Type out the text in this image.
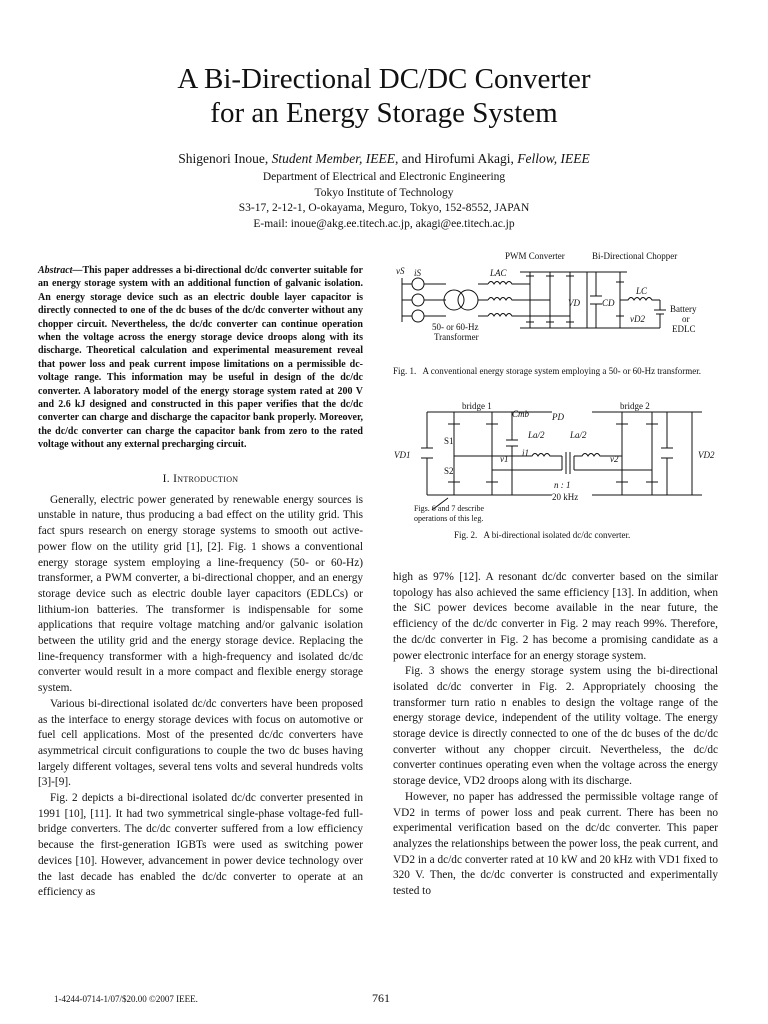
A Bi-Directional DC/DC Converter
for an Energy Storage System
Shigenori Inoue, Student Member, IEEE, and Hirofumi Akagi, Fellow, IEEE
Department of Electrical and Electronic Engineering
Tokyo Institute of Technology
S3-17, 2-12-1, O-okayama, Meguro, Tokyo, 152-8552, JAPAN
E-mail: inoue@akg.ee.titech.ac.jp, akagi@ee.titech.ac.jp

Abstract—This paper addresses a bi-directional dc/dc converter suitable for an energy storage system with an additional function of galvanic isolation. An energy storage device such as an electric double layer capacitor is directly connected to one of the dc buses of the dc/dc converter without any chopper circuit. Nevertheless, the dc/dc converter can continue operation when the voltage across the energy storage device droops along with its discharge. Theoretical calculation and experimental measurement reveal that power loss and peak current impose limitations on a permissible dc-voltage range. This information may be useful in design of the dc/dc converter. A laboratory model of the energy storage system rated at 200 V and 2.6 kJ designed and constructed in this paper verifies that the dc/dc converter can charge and discharge the capacitor bank properly. Moreover, the dc/dc converter can charge the capacitor bank from zero to the rated voltage without any external precharging circuit.

I. Introduction

Generally, electric power generated by renewable energy sources is unstable in nature, thus producing a bad effect on the utility grid. This fact spurs research on energy storage systems to smooth out active-power flow on the utility grid [1], [2]. Fig. 1 shows a conventional energy storage system employing a line-frequency (50- or 60-Hz) transformer, a PWM converter, a bi-directional chopper, and an energy storage device such as electric double layer capacitors (EDLCs) or lithium-ion batteries. The transformer is indispensable for some applications that require voltage matching and/or galvanic isolation between the utility grid and the energy storage device. Replacing the line-frequency transformer with a high-frequency and isolated dc/dc converter would result in a more compact and flexible energy storage system.

Various bi-directional isolated dc/dc converters have been proposed as the interface to energy storage devices with focus on automotive or fuel cell applications. Most of the presented dc/dc converters have asymmetrical circuit configurations to couple the two dc buses having largely different voltages, several tens volts and several hundreds volts [3]-[9].

Fig. 2 depicts a bi-directional isolated dc/dc converter presented in 1991 [10], [11]. It had two symmetrical single-phase voltage-fed full-bridge converters. The dc/dc converter suffered from a low efficiency because the first-generation IGBTs were used as switching power devices [10]. However, advancement in power device technology over the last decade has enabled the dc/dc converter to operate at an efficiency as

PWM Converter	Bi-Directional Chopper
vS iS	LAC
VD CD
LC
vD2
Battery
or
EDLC
50- or 60-Hz
Transformer
Fig. 1. A conventional energy storage system employing a 50- or 60-Hz transformer.
bridge 1	bridge 2
Cmb	PD
S1
S2
La/2	La/2
VD1	VD2
v1
i1
v2
n : 1
20 kHz
Figs. 6 and 7 describe
operations of this leg.
Fig. 2. A bi-directional isolated dc/dc converter.

high as 97% [12]. A resonant dc/dc converter based on the similar topology has also achieved the same efficiency [13]. In addition, when the SiC power devices become available in the near future, the efficiency of the dc/dc converter in Fig. 2 may reach 99%. Therefore, the dc/dc converter in Fig. 2 has become a promising candidate as a power electronic interface for an energy storage system.

Fig. 3 shows the energy storage system using the bi-directional isolated dc/dc converter in Fig. 2. Appropriately choosing the transformer turn ratio n enables to design the voltage range of the energy storage device, independent of the utility voltage. The energy storage device is directly connected to one of the dc buses of the dc/dc converter without any chopper circuit. Nevertheless, the dc/dc converter continues operating even when the voltage across the energy storage device, VD2 droops along with its discharge.

However, no paper has addressed the permissible voltage range of VD2 in terms of power loss and peak current. There has been no experimental verification based on the dc/dc converter. This paper analyzes the relationships between the power loss, the peak current, and VD2 in a dc/dc converter rated at 10 kW and 20 kHz with VD1 fixed to 320 V. Then, the dc/dc converter is constructed and experimentally tested to

1-4244-0714-1/07/$20.00 ©2007 IEEE.	761
